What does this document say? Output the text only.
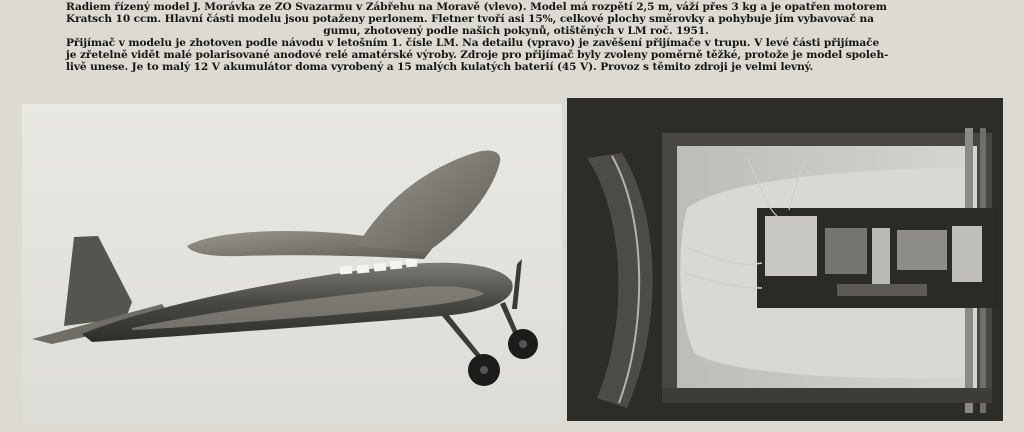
Radiem řízený model J. Morávka ze ZO Svazarmu v Zábřehu na Moravě (vlevo). Model má rozpětí 2,5 m, váží přes 3 kg a je opatřen motorem

Kratsch 10 ccm. Hlavní části modelu jsou potaženy perlonem. Fletner tvoří asi 15%, celkové plochy směrovky a pohybuje jím vybavovač na

gumu, zhotovený podle našich pokynů, otištěných v LM roč. 1951.

Přijímač v modelu je zhotoven podle návodu v letošním 1. čísle LM. Na detailu (vpravo) je zavěšení přijímače v trupu. V levé části přijímače

je zřetelně vidět malé polarisované anodové relé amatérské výroby. Zdroje pro přijímač byly zvoleny poměrně těžké, protože je model spoleh-

livě unese. Je to malý 12 V akumulátor doma vyrobený a 15 malých kulatých baterií (45 V). Provoz s těmito zdroji je velmi levný.
